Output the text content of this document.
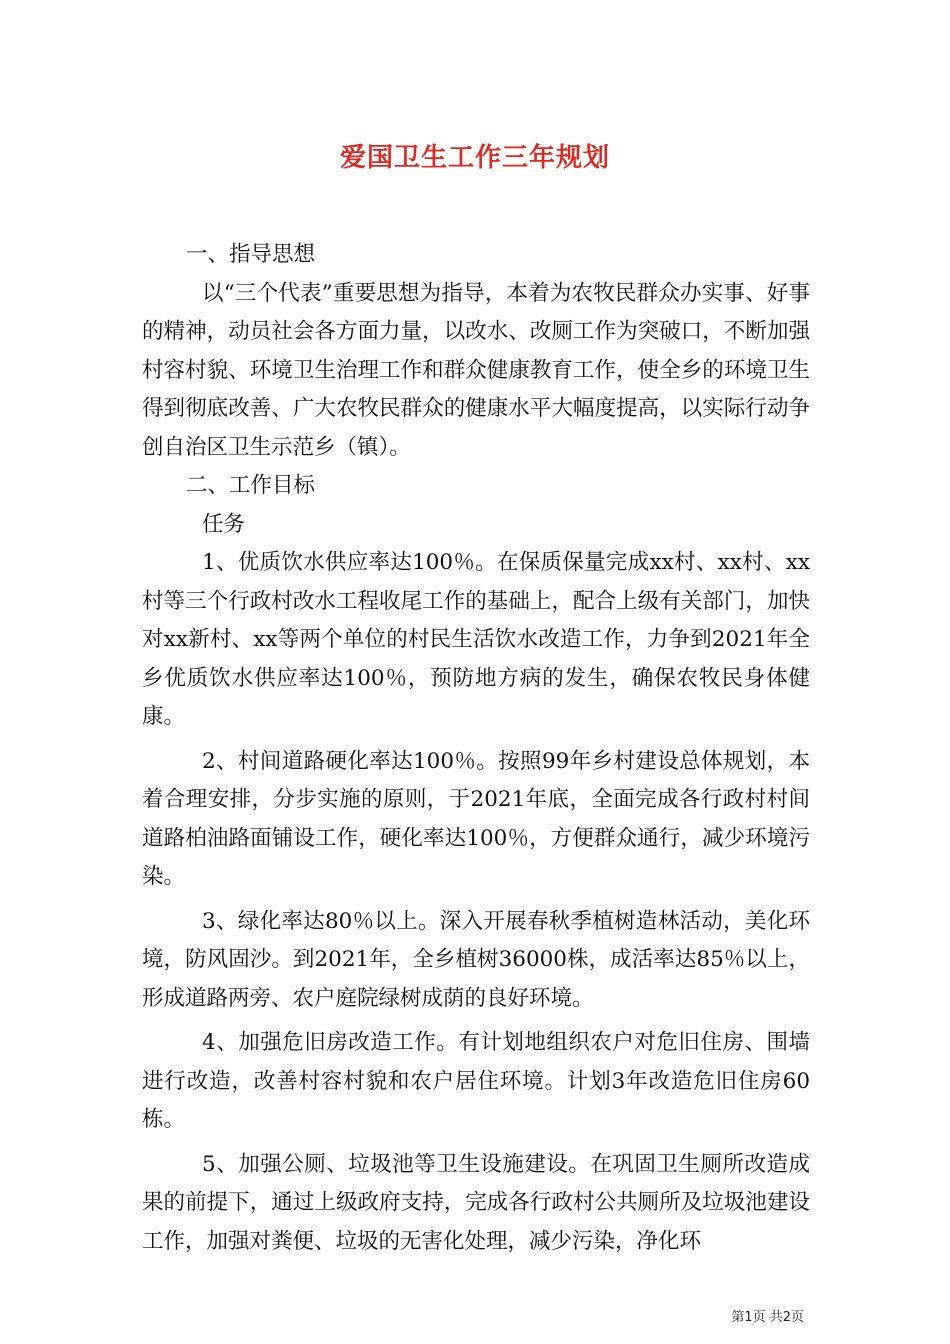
爱国卫生工作三年规划

一、指导思想

以“三个代表”重要思想为指导，本着为农牧民群众办实事、好事的精神，动员社会各方面力量，以改水、改厕工作为突破口，不断加强村容村貌、环境卫生治理工作和群众健康教育工作，使全乡的环境卫生得到彻底改善、广大农牧民群众的健康水平大幅度提高，以实际行动争创自治区卫生示范乡（镇）。

二、工作目标

任务

1、优质饮水供应率达100％。在保质保量完成xx村、xx村、xx村等三个行政村改水工程收尾工作的基础上，配合上级有关部门，加快对xx新村、xx等两个单位的村民生活饮水改造工作，力争到2021年全乡优质饮水供应率达100％，预防地方病的发生，确保农牧民身体健康。

2、村间道路硬化率达100％。按照99年乡村建设总体规划，本着合理安排，分步实施的原则，于2021年底，全面完成各行政村村间道路柏油路面铺设工作，硬化率达100％，方便群众通行，减少环境污染。

3、绿化率达80％以上。深入开展春秋季植树造林活动，美化环境，防风固沙。到2021年，全乡植树36000株，成活率达85％以上，形成道路两旁、农户庭院绿树成荫的良好环境。

4、加强危旧房改造工作。有计划地组织农户对危旧住房、围墙进行改造，改善村容村貌和农户居住环境。计划3年改造危旧住房60栋。

5、加强公厕、垃圾池等卫生设施建设。在巩固卫生厕所改造成果的前提下，通过上级政府支持，完成各行政村公共厕所及垃圾池建设工作，加强对粪便、垃圾的无害化处理，减少污染，净化环

第1页 共2页
